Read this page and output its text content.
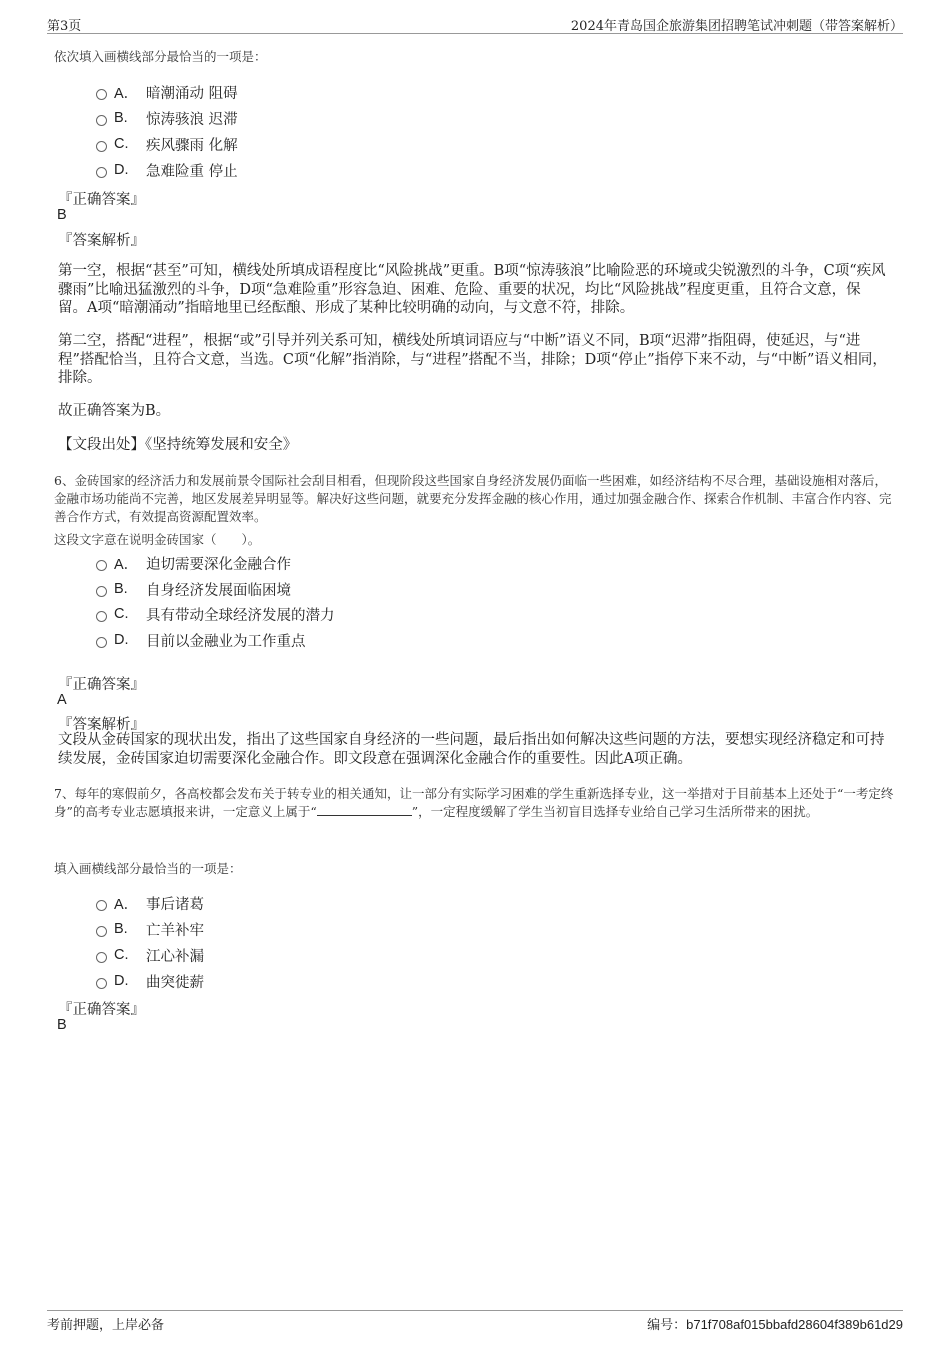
第3页	2024年青岛国企旅游集团招聘笔试冲刺题（带答案解析）
依次填入画横线部分最恰当的一项是：
A． 暗潮涌动 阻碍
B.	惊涛骇浪 迟滞
C.	疾风骤雨 化解
D.	急难险重 停止
『正确答案』
B
『答案解析』
第一空，根据“甚至”可知，横线处所填成语程度比“风险挑战”更重。B项“惊涛骇浪”比喻险恶的环境或尖锐激烈的斗争，C项“疾风骤雨”比喻迅猛激烈的斗争，D项“急难险重”形容急迫、困难、危险、重要的状况，均比“风险挑战”程度更重，且符合文意，保留。A项“暗潮涌动”指暗地里已经酝酿、形成了某种比较明确的动向，与文意不符，排除。
第二空，搭配“进程”，根据“或”引导并列关系可知，横线处所填词语应与“中断”语义不同，B项“迟滞”指阻碍，使延迟，与“进程”搭配恰当，且符合文意，当选。C项“化解”指消除，与“进程”搭配不当，排除；D项“停止”指停下来不动，与“中断”语义相同，排除。
故正确答案为B。
【文段出处】《坚持统筹发展和安全》
6、金砖国家的经济活力和发展前景令国际社会刮目相看，但现阶段这些国家自身经济发展仍面临一些困难，如经济结构不尽合理，基础设施相对落后，金融市场功能尚不完善，地区发展差异明显等。解决好这些问题，就要充分发挥金融的核心作用，通过加强金融合作、探索合作机制、丰富合作内容、完善合作方式，有效提高资源配置效率。
这段文字意在说明金砖国家（　　）。
A． 迫切需要深化金融合作
B.	自身经济发展面临困境
C.	具有带动全球经济发展的潜力
D.	目前以金融业为工作重点
『正确答案』
A
『答案解析』
文段从金砖国家的现状出发，指出了这些国家自身经济的一些问题，最后指出如何解决这些问题的方法，要想实现经济稳定和可持续发展，金砖国家迫切需要深化金融合作。即文段意在强调深化金融合作的重要性。因此A项正确。
7、每年的寒假前夕，各高校都会发布关于转专业的相关通知，让一部分有实际学习困难的学生重新选择专业，这一举措对于目前基本上还处于“一考定终身”的高考专业志愿填报来讲，一定意义上属于“	”，一定程度缓解了学生当初盲目选择专业给自己学习生活所带来的困扰。
填入画横线部分最恰当的一项是：
A． 事后诸葛
B.	亡羊补牢
C.	江心补漏
D.	曲突徙薪
『正确答案』
B
考前押题，上岸必备	编号：b71f708af015bbafd28604f389b61d29
